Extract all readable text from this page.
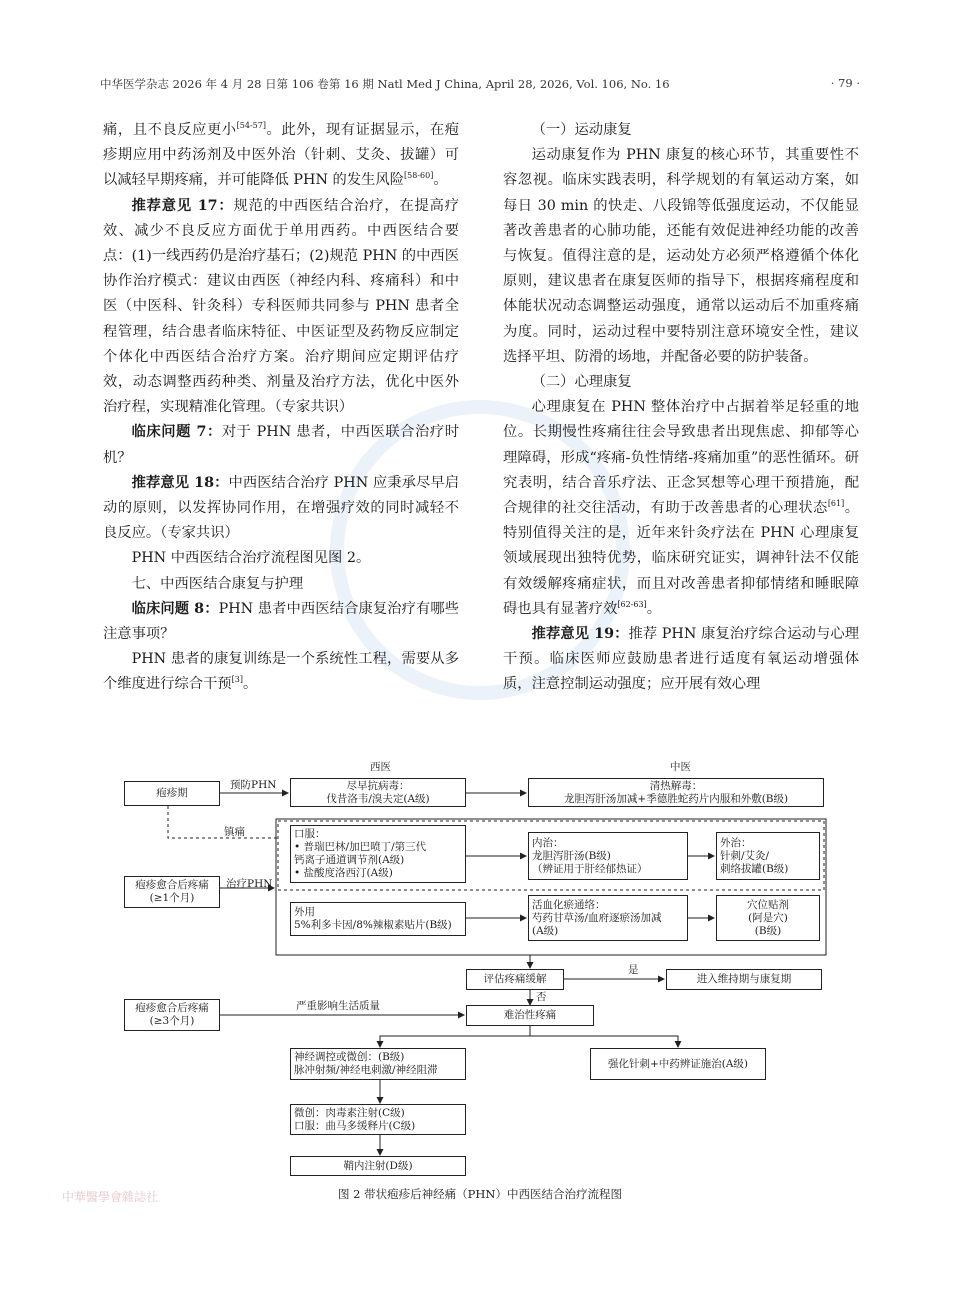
中华医学杂志 2026 年 4 月 28 日第 106 卷第 16 期 Natl Med J China, April 28, 2026, Vol. 106, No. 16	· 79 ·

痛，且不良反应更小[54-57]。此外，现有证据显示，在疱疹期应用中药汤剂及中医外治（针刺、艾灸、拔罐）可以减轻早期疼痛，并可能降低 PHN 的发生风险[58-60]。

推荐意见 17：规范的中西医结合治疗，在提高疗效、减少不良反应方面优于单用西药。中西医结合要点：(1)一线西药仍是治疗基石；(2)规范 PHN 的中西医协作治疗模式：建议由西医（神经内科、疼痛科）和中医（中医科、针灸科）专科医师共同参与 PHN 患者全程管理，结合患者临床特征、中医证型及药物反应制定个体化中西医结合治疗方案。治疗期间应定期评估疗效，动态调整西药种类、剂量及治疗方法，优化中医外治疗程，实现精准化管理。（专家共识）

临床问题 7：对于 PHN 患者，中西医联合治疗时机？

推荐意见 18：中西医结合治疗 PHN 应秉承尽早启动的原则，以发挥协同作用，在增强疗效的同时减轻不良反应。（专家共识）

PHN 中西医结合治疗流程图见图 2。

七、中西医结合康复与护理

临床问题 8：PHN 患者中西医结合康复治疗有哪些注意事项？

PHN 患者的康复训练是一个系统性工程，需要从多个维度进行综合干预[3]。

（一）运动康复

运动康复作为 PHN 康复的核心环节，其重要性不容忽视。临床实践表明，科学规划的有氧运动方案，如每日 30 min 的快走、八段锦等低强度运动，不仅能显著改善患者的心肺功能，还能有效促进神经功能的改善与恢复。值得注意的是，运动处方必须严格遵循个体化原则，建议患者在康复医师的指导下，根据疼痛程度和体能状况动态调整运动强度，通常以运动后不加重疼痛为度。同时，运动过程中要特别注意环境安全性，建议选择平坦、防滑的场地，并配备必要的防护装备。

（二）心理康复

心理康复在 PHN 整体治疗中占据着举足轻重的地位。长期慢性疼痛往往会导致患者出现焦虑、抑郁等心理障碍，形成“疼痛-负性情绪-疼痛加重”的恶性循环。研究表明，结合音乐疗法、正念冥想等心理干预措施，配合规律的社交往活动，有助于改善患者的心理状态[61]。特别值得关注的是，近年来针灸疗法在 PHN 心理康复领域展现出独特优势，临床研究证实，调神针法不仅能有效缓解疼痛症状，而且对改善患者抑郁情绪和睡眠障碍也具有显著疗效[62-63]。

推荐意见 19：推荐 PHN 康复治疗综合运动与心理干预。临床医师应鼓励患者进行适度有氧运动增强体质，注意控制运动强度；应开展有效心理

西医	中医
疱疹期
预防PHN	尽早抗病毒：
伐昔洛韦/溴夫定(A级)
清热解毒：
龙胆泻肝汤加减+季德胜蛇药片内服和外敷(B级)
镇痛	口服：
• 普瑞巴林/加巴喷丁/第三代
钙离子通道调节剂(A级)
• 盐酸度洛西汀(A级)
内治：
龙胆泻肝汤(B级)
（辨证用于肝经郁热证）
外治：
针刺/艾灸/
刺络拔罐(B级)
疱疹愈合后疼痛
(≥1个月)
治疗PHN
外用
5%利多卡因/8%辣椒素贴片(B级)
活血化瘀通络：
芍药甘草汤/血府逐瘀汤加减
(A级)
穴位贴剂
(阿是穴)
(B级)
评估疼痛缓解
是
进入维持期与康复期
否
疱疹愈合后疼痛
(≥3个月)
严重影响生活质量
难治性疼痛
神经调控或微创：(B级)
脉冲射频/神经电刺激/神经阻滞
强化针刺+中药辨证施治(A级)
微创：肉毒素注射(C级)
口服：曲马多缓释片(C级)
鞘内注射(D级)
图 2 带状疱疹后神经痛（PHN）中西医结合治疗流程图
中華醫學會雜誌社
